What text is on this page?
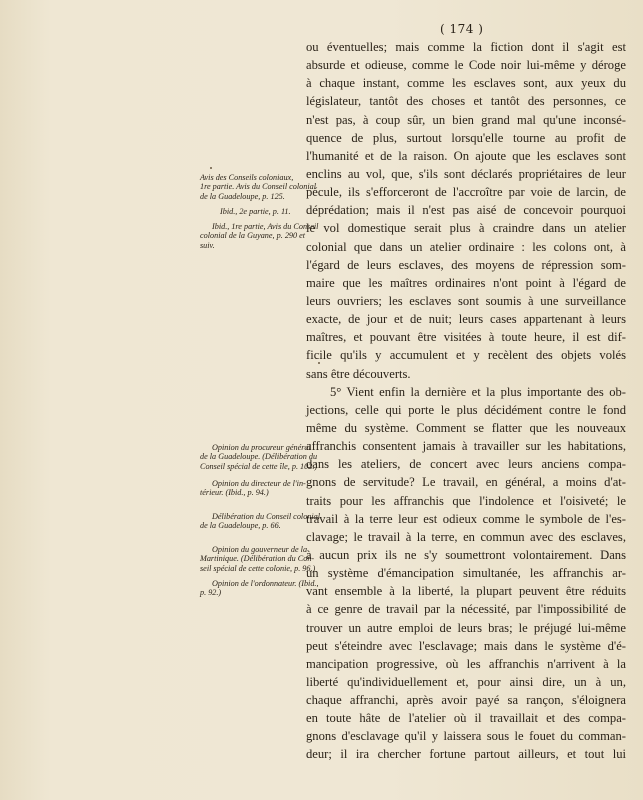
( 174 )
Avis des Conseils coloniaux,
1re partie. Avis du Conseil colonial
de la Guadeloupe, p. 125.
Ibid., 2e partie, p. 11.
Ibid., 1re partie, Avis du Conseil
colonial de la Guyane, p. 290 et
suiv.
Opinion du procureur général
de la Guadeloupe. (Délibération du
Conseil spécial de cette île, p. 102.)
Opinion du directeur de l'in-
térieur. (Ibid., p. 94.)
Délibération du Conseil colonial
de la Guadeloupe, p. 66.
Opinion du gouverneur de la
Martinique. (Délibération du Con-
seil spécial de cette colonie, p. 96.)
Opinion de l'ordonnateur. (Ibid.,
p. 92.)
ou éventuelles; mais comme la fiction dont il s'agit est
absurde et odieuse, comme le Code noir lui-même y déroge
à chaque instant, comme les esclaves sont, aux yeux du
législateur, tantôt des choses et tantôt des personnes, ce
n'est pas, à coup sûr, un bien grand mal qu'une inconsé-
quence de plus, surtout lorsqu'elle tourne au profit de
l'humanité et de la raison. On ajoute que les esclaves sont
enclins au vol, que, s'ils sont déclarés propriétaires de leur
pécule, ils s'efforceront de l'accroître par voie de larcin, de
déprédation; mais il n'est pas aisé de concevoir pourquoi
le vol domestique serait plus à craindre dans un atelier
colonial que dans un atelier ordinaire : les colons ont, à
l'égard de leurs esclaves, des moyens de répression som-
maire que les maîtres ordinaires n'ont point à l'égard de
leurs ouvriers; les esclaves sont soumis à une surveillance
exacte, de jour et de nuit; leurs cases appartenant à leurs
maîtres, et pouvant être visitées à toute heure, il est dif-
ficile qu'ils y accumulent et y recèlent des objets volés
sans être découverts.
5° Vient enfin la dernière et la plus importante des ob-
jections, celle qui porte le plus décidément contre le fond
même du système. Comment se flatter que les nouveaux
affranchis consentent jamais à travailler sur les habitations,
dans les ateliers, de concert avec leurs anciens compa-
gnons de servitude? Le travail, en général, a moins d'at-
traits pour les affranchis que l'indolence et l'oisiveté; le
travail à la terre leur est odieux comme le symbole de l'es-
clavage; le travail à la terre, en commun avec des esclaves,
à aucun prix ils ne s'y soumettront volontairement. Dans
un système d'émancipation simultanée, les affranchis ar-
vant ensemble à la liberté, la plupart peuvent être réduits
à ce genre de travail par la nécessité, par l'impossibilité de
trouver un autre emploi de leurs bras; le préjugé lui-même
peut s'éteindre avec l'esclavage; mais dans le système d'é-
mancipation progressive, où les affranchis n'arrivent à la
liberté qu'individuellement et, pour ainsi dire, un à un,
chaque affranchi, après avoir payé sa rançon, s'éloignera
en toute hâte de l'atelier où il travaillait et des compa-
gnons d'esclavage qu'il y laissera sous le fouet du comman-
deur; il ira chercher fortune partout ailleurs, et tout lui
